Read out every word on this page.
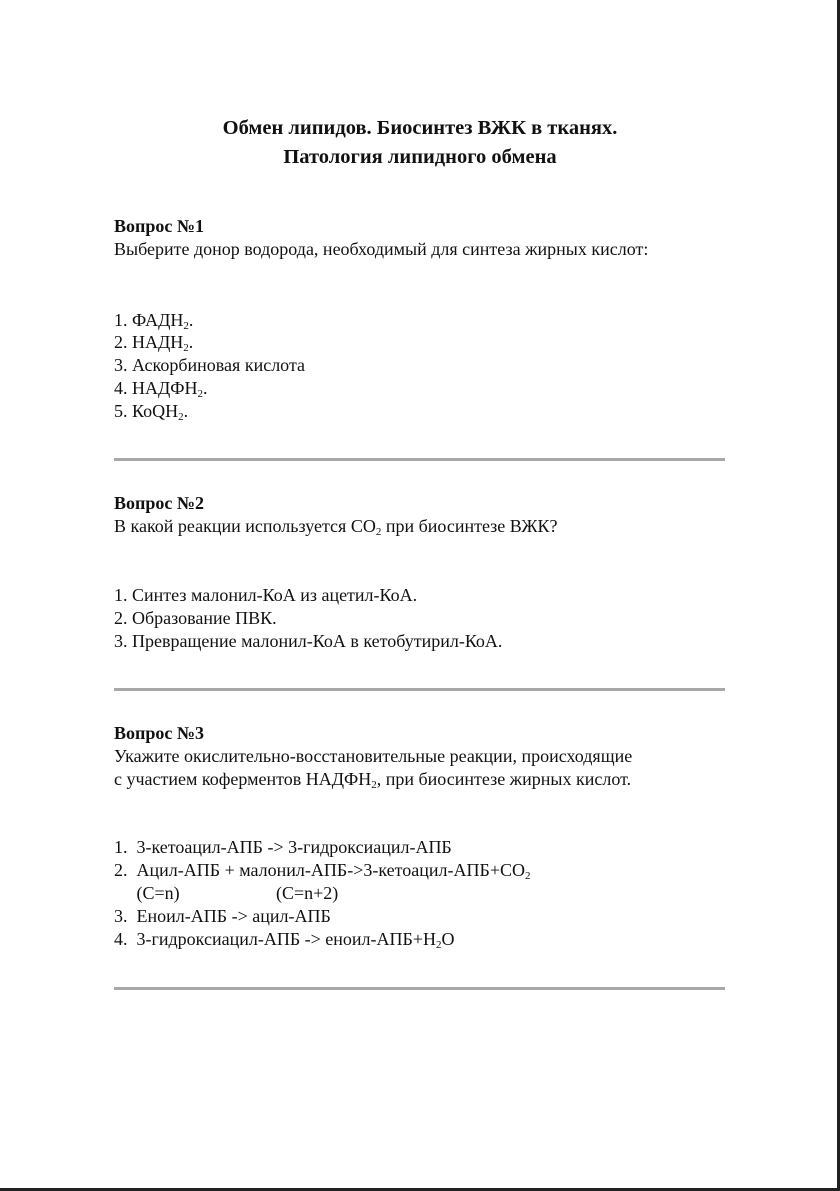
Обмен липидов. Биосинтез ВЖК в тканях.
Патология липидного обмена
Вопрос №1
Выберите донор водорода, необходимый для синтеза жирных кислот:
1. $ФАДН_2$.
2. $НАДН_2$.
3. Аскорбиновая кислота
4. $НАДФН_2$.
5. КоQН$_2$.
Вопрос №2
В какой реакции используется $СО_2$ при биосинтезе ВЖК?
1. Синтез малонил-КоА из ацетил-КоА.
2. Образование ПВК.
3. Превращение малонил-КоА в кетобутирил-КоА.
Вопрос №3
Укажите окислительно-восстановительные реакции, происходящие
с участием коферментов $НАДФН_2$, при биосинтезе жирных кислот.
1.  3-кетоацил-АПБ -> 3-гидроксиацил-АПБ
2.  Ацил-АПБ + малонил-$АПБ->3-кетоацил-АПБ+СО_2$
(С=n)	(С=n+2)
3.  Еноил-АПБ -> ацил-АПБ
4.  3-гидроксиацил-АПБ -> еноил-$АПБ+Н_2О$
